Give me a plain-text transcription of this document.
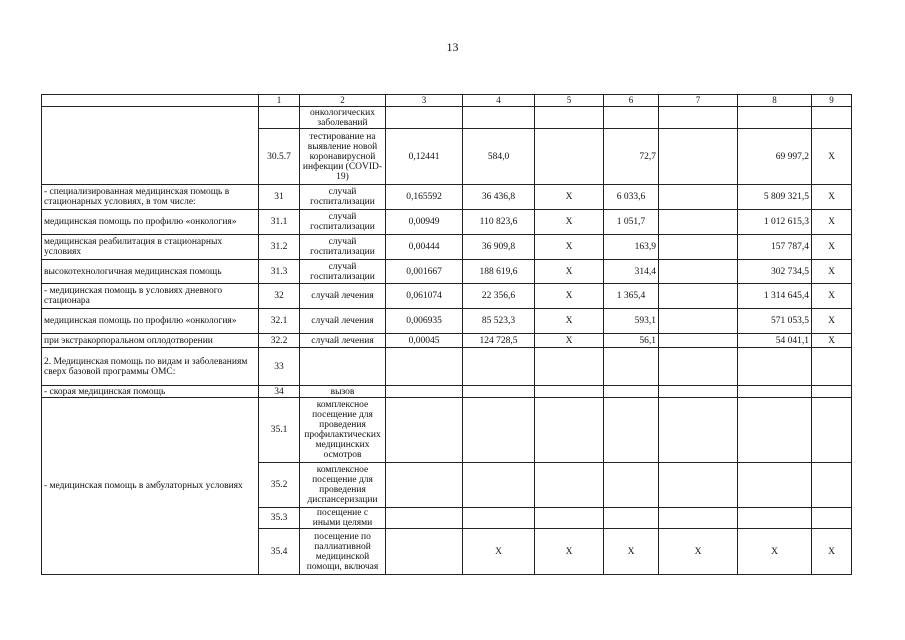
13
	1	2	3	4	5	6	7	8	9
		онкологических заболеваний							
	30.5.7	тестирование на выявление новой коронавирусной инфекции (COVID-19)	0,12441	584,0		72,7		69 997,2	X
- специализированная медицинская помощь в стационарных условиях, в том числе:	31	случай госпитализации	0,165592	36 436,8	X	6 033,6		5 809 321,5	X
медицинская помощь по профилю «онкология»	31.1	случай госпитализации	0,00949	110 823,6	X	1 051,7		1 012 615,3	X
медицинская реабилитация в стационарных условиях	31.2	случай госпитализации	0,00444	36 909,8	X	163,9		157 787,4	X
высокотехнологичная медицинская помощь	31.3	случай госпитализации	0,001667	188 619,6	X	314,4		302 734,5	X
- медицинская помощь в условиях дневного стационара	32	случай лечения	0,061074	22 356,6	X	1 365,4		1 314 645,4	X
медицинская помощь по профилю «онкология»	32.1	случай лечения	0,006935	85 523,3	X	593,1		571 053,5	X
при экстракорпоральном оплодотворении	32.2	случай лечения	0,00045	124 728,5	X	56,1		54 041,1	X
2. Медицинская помощь по видам и заболеваниям сверх базовой программы ОМС:	33								
- скорая медицинская помощь	34	вызов							
- медицинская помощь в амбулаторных условиях	35.1	комплексное посещение для проведения профилактических медицинских осмотров							
	35.2	комплексное посещение для проведения диспансеризации							
	35.3	посещение с иными целями							
	35.4	посещение по паллиативной медицинской помощи, включая		X	X	X	X	X	X
